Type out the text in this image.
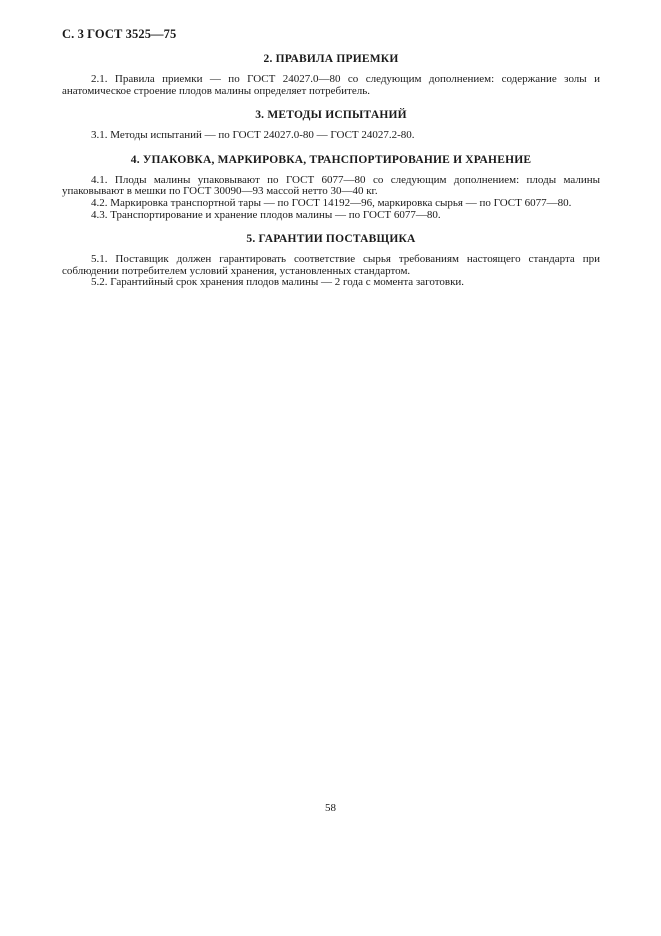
С. 3 ГОСТ 3525—75
2. ПРАВИЛА ПРИЕМКИ

2.1. Правила приемки — по ГОСТ 24027.0—80 со следующим дополнением: содержание золы и анатомическое строение плодов малины определяет потребитель.

3. МЕТОДЫ ИСПЫТАНИЙ

3.1. Методы испытаний — по ГОСТ 24027.0-80 — ГОСТ 24027.2-80.

4. УПАКОВКА, МАРКИРОВКА, ТРАНСПОРТИРОВАНИЕ И ХРАНЕНИЕ

4.1. Плоды малины упаковывают по ГОСТ 6077—80 со следующим дополнением: плоды малины упаковывают в мешки по ГОСТ 30090—93 массой нетто 30—40 кг.

4.2. Маркировка транспортной тары — по ГОСТ 14192—96, маркировка сырья — по ГОСТ 6077—80.

4.3. Транспортирование и хранение плодов малины — по ГОСТ 6077—80.

5. ГАРАНТИИ ПОСТАВЩИКА

5.1. Поставщик должен гарантировать соответствие сырья требованиям настоящего стандарта при соблюдении потребителем условий хранения, установленных стандартом.

5.2. Гарантийный срок хранения плодов малины — 2 года с момента заготовки.

58
